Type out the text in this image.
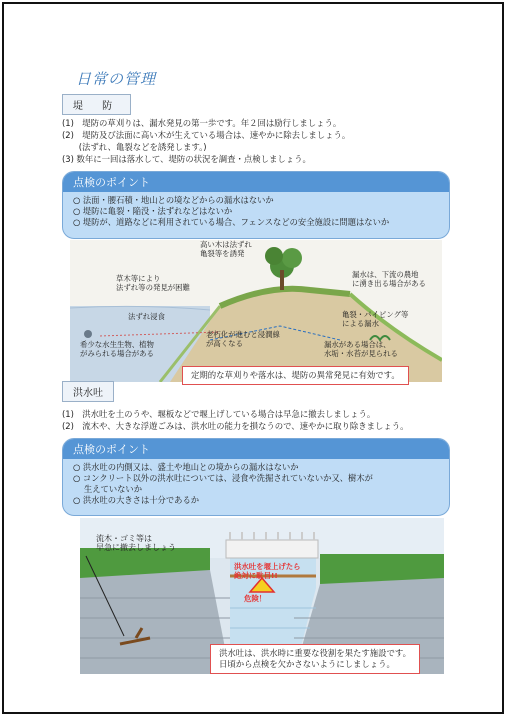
日常の管理
堤 防
(1)　堤防の草刈りは、漏水発見の第一歩です。年２回は励行しましょう。
(2)　堤防及び法面に高い木が生えている場合は、速やかに除去しましょう。
　　(法ずれ、亀裂などを誘発します。)
(3) 数年に一回は落水して、堤防の状況を調査・点検しましょう。
点検のポイント
○ 法面・腰石積・地山との境などからの漏水はないか
○ 堤防に亀裂・陥没・法ずれなどはないか
○ 堤防が、道路などに利用されている場合、フェンスなどの安全施設に問題はないか
高い木は法ずれ
亀裂等を誘発
草木等により
法ずれ等の発見が困難
法ずれ浸食
老朽化が進むと浸潤線
が高くなる
希少な水生生物、植物
がみられる場合がある
漏水は、下流の農地
に湧き出る場合がある
亀裂・パイピング等
による漏水
漏水がある場合は、
水垢・水苔が見られる
定期的な草刈りや落水は、堤防の異常発見に有効です。
洪水吐
(1)　洪水吐を土のうや、堰板などで堰上げしている場合は早急に撤去しましょう。
(2)　流木や、大きな浮遊ごみは、洪水吐の能力を損なうので、速やかに取り除きましょう。
点検のポイント
○ 洪水吐の内側又は、盛土や地山との境からの漏水はないか
○ コンクリート以外の洪水吐については、浸食や洗掘されていないか又、樹木が
　 生えていないか
○ 洪水吐の大きさは十分であるか
流木・ゴミ等は
早急に撤去しましょう
洪水吐を堰上げたら
絶対に駄目!!
危険！
洪水吐は、洪水時に重要な役割を果たす施設です。
日頃から点検を欠かさないようにしましょう。
